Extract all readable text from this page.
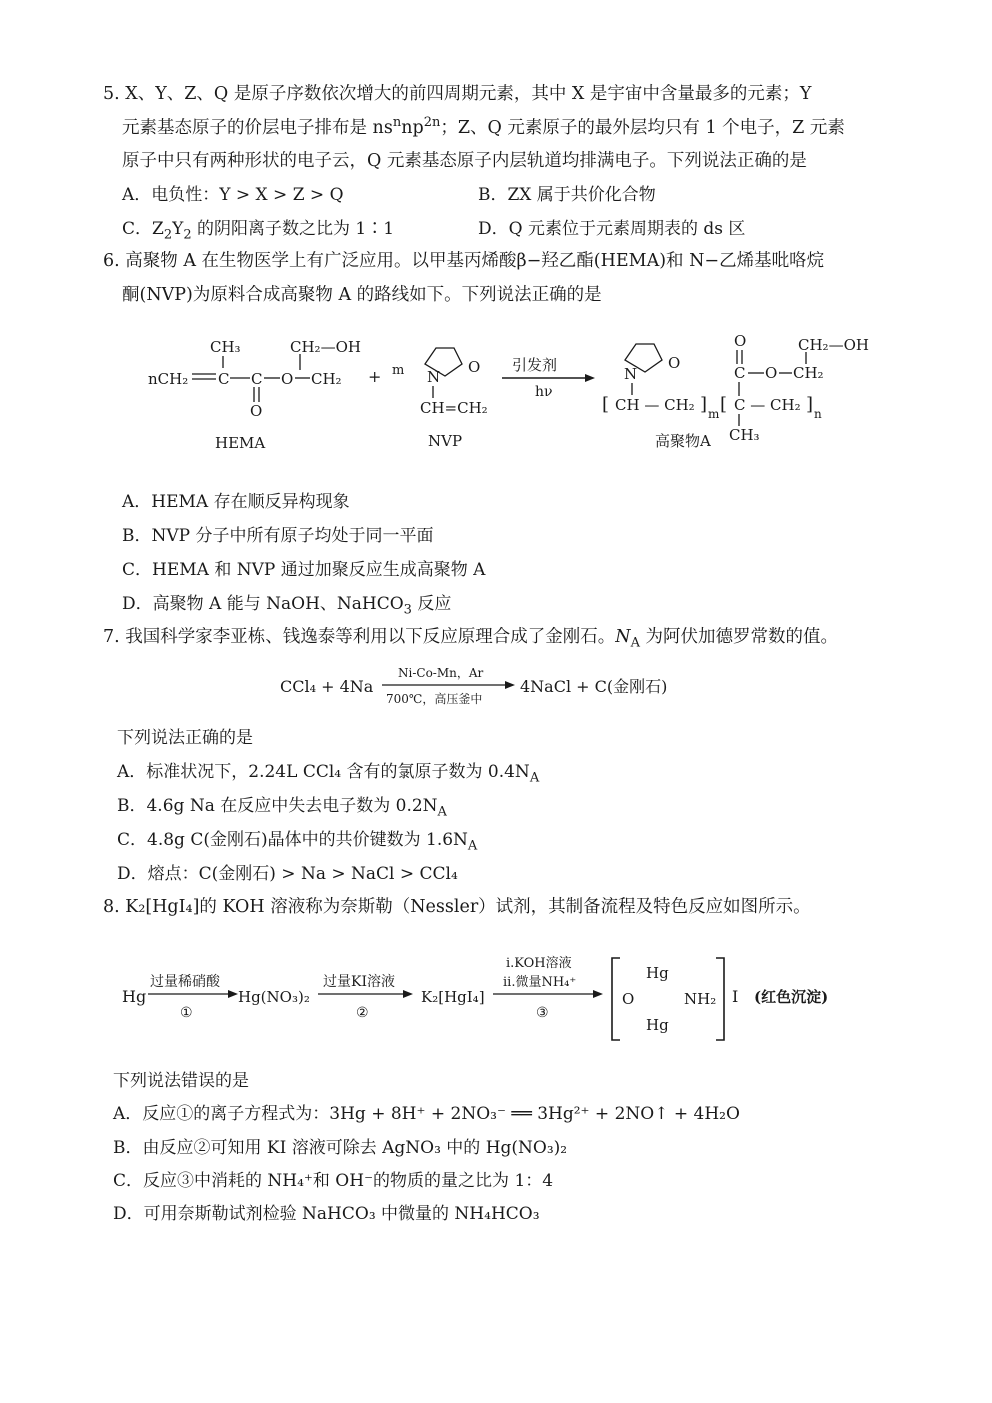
5. X、Y、Z、Q 是原子序数依次增大的前四周期元素，其中 X 是宇宙中含量最多的元素；Y
元素基态原子的价层电子排布是 $ns^nnp^{2n}$；Z、Q 元素原子的最外层均只有 1 个电子，Z 元素
原子中只有两种形状的电子云，Q 元素基态原子内层轨道均排满电子。下列说法正确的是
A．电负性：Y > X > Z > Q	B．ZX 属于共价化合物
C．$Z_2Y_2$ 的阴阳离子数之比为 1∶1	D．Q 元素位于元素周期表的 ds 区
6. 高聚物 A 在生物医学上有广泛应用。以甲基丙烯酸β−羟乙酯(HEMA)和 N−乙烯基吡咯烷
酮(NVP)为原料合成高聚物 A 的路线如下。下列说法正确的是
nCH₂ C
CH₃
C
O
O CH₂
CH₂—OH
HEMA
+ m N
O
CH=CH₂
NVP
引发剂
hν
N
O
[ CH — CH₂ ] m [ C — CH₂ ] n
CH₃
C
O
O CH₂
CH₂—OH
高聚物A
A．HEMA 存在顺反异构现象
B．NVP 分子中所有原子均处于同一平面
C．HEMA 和 NVP 通过加聚反应生成高聚物 A
D．高聚物 A 能与 NaOH、NaHCO$_3$ 反应
7. 我国科学家李亚栋、钱逸泰等利用以下反应原理合成了金刚石。$N_A$ 为阿伏加德罗常数的值。
CCl₄ + 4Na
Ni-Co-Mn，Ar
700℃，高压釜中
4NaCl + C(金刚石)
下列说法正确的是
A．标准状况下，2.24L CCl₄ 含有的氯原子数为 $0.4N_A$
B．4.6g Na 在反应中失去电子数为 $0.2N_A$
C．4.8g C(金刚石)晶体中的共价键数为 $1.6N_A$
D．熔点：C(金刚石) > Na > NaCl > CCl₄
8. K₂[HgI₄]的 KOH 溶液称为奈斯勒（Nessler）试剂，其制备流程及特色反应如图所示。
Hg
过量稀硝酸
①
Hg(NO₃)₂
过量KI溶液
②
K₂[HgI₄]
i.KOH溶液
ii.微量NH₄⁺
③
Hg
O
Hg
NH₂ I (红色沉淀)
下列说法错误的是
A．反应①的离子方程式为：3Hg + 8H⁺ + 2NO₃⁻ ══ 3Hg²⁺ + 2NO↑ + 4H₂O
B．由反应②可知用 KI 溶液可除去 AgNO₃ 中的 Hg(NO₃)₂
C．反应③中消耗的 NH₄⁺和 OH⁻的物质的量之比为 1：4
D．可用奈斯勒试剂检验 NaHCO₃ 中微量的 NH₄HCO₃
